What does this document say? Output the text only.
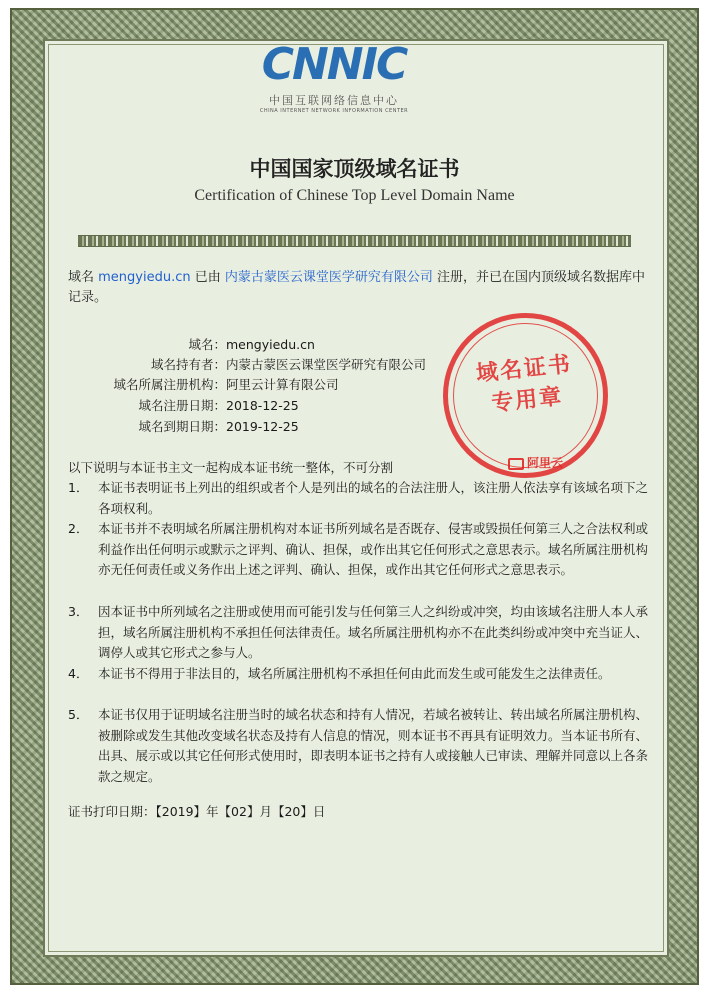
CNNIC
中国互联网络信息中心
CHINA INTERNET NETWORK INFORMATION CENTER
中国国家顶级域名证书
Certification of Chinese Top Level Domain Name
域名 mengyiedu.cn 已由 内蒙古蒙医云课堂医学研究有限公司 注册，并已在国内顶级域名数据库中记录。
域名：mengyiedu.cn
域名持有者：内蒙古蒙医云课堂医学研究有限公司
域名所属注册机构：阿里云计算有限公司
域名注册日期：2018-12-25
域名到期日期：2019-12-25
以下说明与本证书主文一起构成本证书统一整体，不可分割
1． 本证书表明证书上列出的组织或者个人是列出的域名的合法注册人，该注册人依法享有该域名项下之各项权利。
2． 本证书并不表明域名所属注册机构对本证书所列域名是否既存、侵害或毁损任何第三人之合法权利或利益作出任何明示或默示之评判、确认、担保，或作出其它任何形式之意思表示。域名所属注册机构亦无任何责任或义务作出上述之评判、确认、担保，或作出其它任何形式之意思表示。
3． 因本证书中所列域名之注册或使用而可能引发与任何第三人之纠纷或冲突，均由该域名注册人本人承担，域名所属注册机构不承担任何法律责任。域名所属注册机构亦不在此类纠纷或冲突中充当证人、调停人或其它形式之参与人。
4． 本证书不得用于非法目的，域名所属注册机构不承担任何由此而发生或可能发生之法律责任。
5． 本证书仅用于证明域名注册当时的域名状态和持有人情况，若域名被转让、转出域名所属注册机构、被删除或发生其他改变域名状态及持有人信息的情况，则本证书不再具有证明效力。当本证书所有、出具、展示或以其它任何形式使用时，即表明本证书之持有人或接触人已审读、理解并同意以上各条款之规定。
证书打印日期：【2019】年【02】月【20】日
域名证书专用章
阿里云
